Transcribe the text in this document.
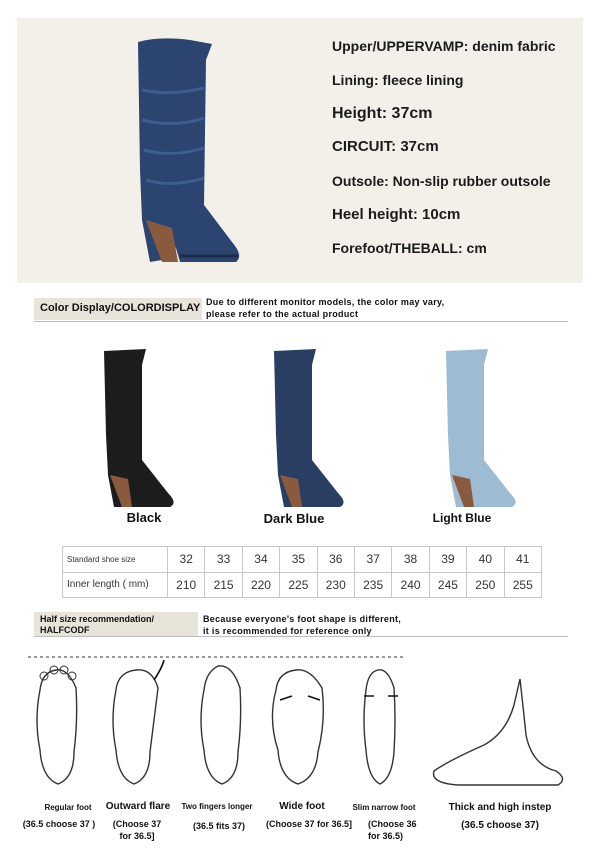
Upper/UPPERVAMP: denim fabric
Lining: fleece lining
Height: 37cm
CIRCUIT: 37cm
Outsole: Non-slip rubber outsole
Heel height: 10cm
Forefoot/THEBALL: cm
Color Display/COLORDISPLAY Due to different monitor models, the color may vary,
please refer to the actual product
Black	Dark Blue	Light Blue
Standard shoe size	32	33	34	35	36	37	38	39	40	41
Inner length ( mm)	210	215	220	225	230	235	240	245	250	255
Half size recommendation/
HALFCODF
Because everyone's foot shape is different,
it is recommended for reference only
Regular foot	Outward flare	Two fingers longer	Wide foot	Slim narrow foot	Thick and high instep
(36.5 choose 37 )	(Choose 37 for 36.5]
(36.5 fits 37)	(Choose 37 for 36.5]	(Choose 36 for 36.5)
(36.5 choose 37)
